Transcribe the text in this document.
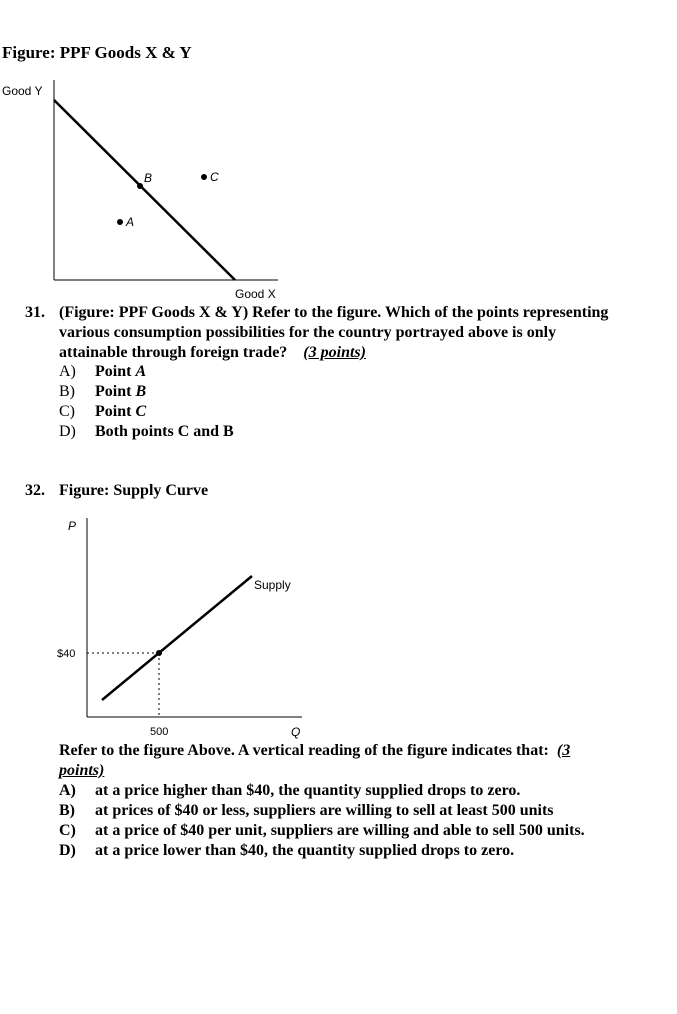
Figure: PPF Goods X & Y
Good Y
Good X
B	C
A
31. (Figure: PPF Goods X & Y) Refer to the figure. Which of the points representing
various consumption possibilities for the country portrayed above is only
attainable through foreign trade? (3 points)
A) Point A
B) Point B
C) Point C
D) Both points C and B
32. Figure: Supply Curve
P
Q
Supply
$40
500
Refer to the figure Above. A vertical reading of the figure indicates that: (3
points)
A) at a price higher than $40, the quantity supplied drops to zero.
B) at prices of $40 or less, suppliers are willing to sell at least 500 units
C) at a price of $40 per unit, suppliers are willing and able to sell 500 units.
D) at a price lower than $40, the quantity supplied drops to zero.
